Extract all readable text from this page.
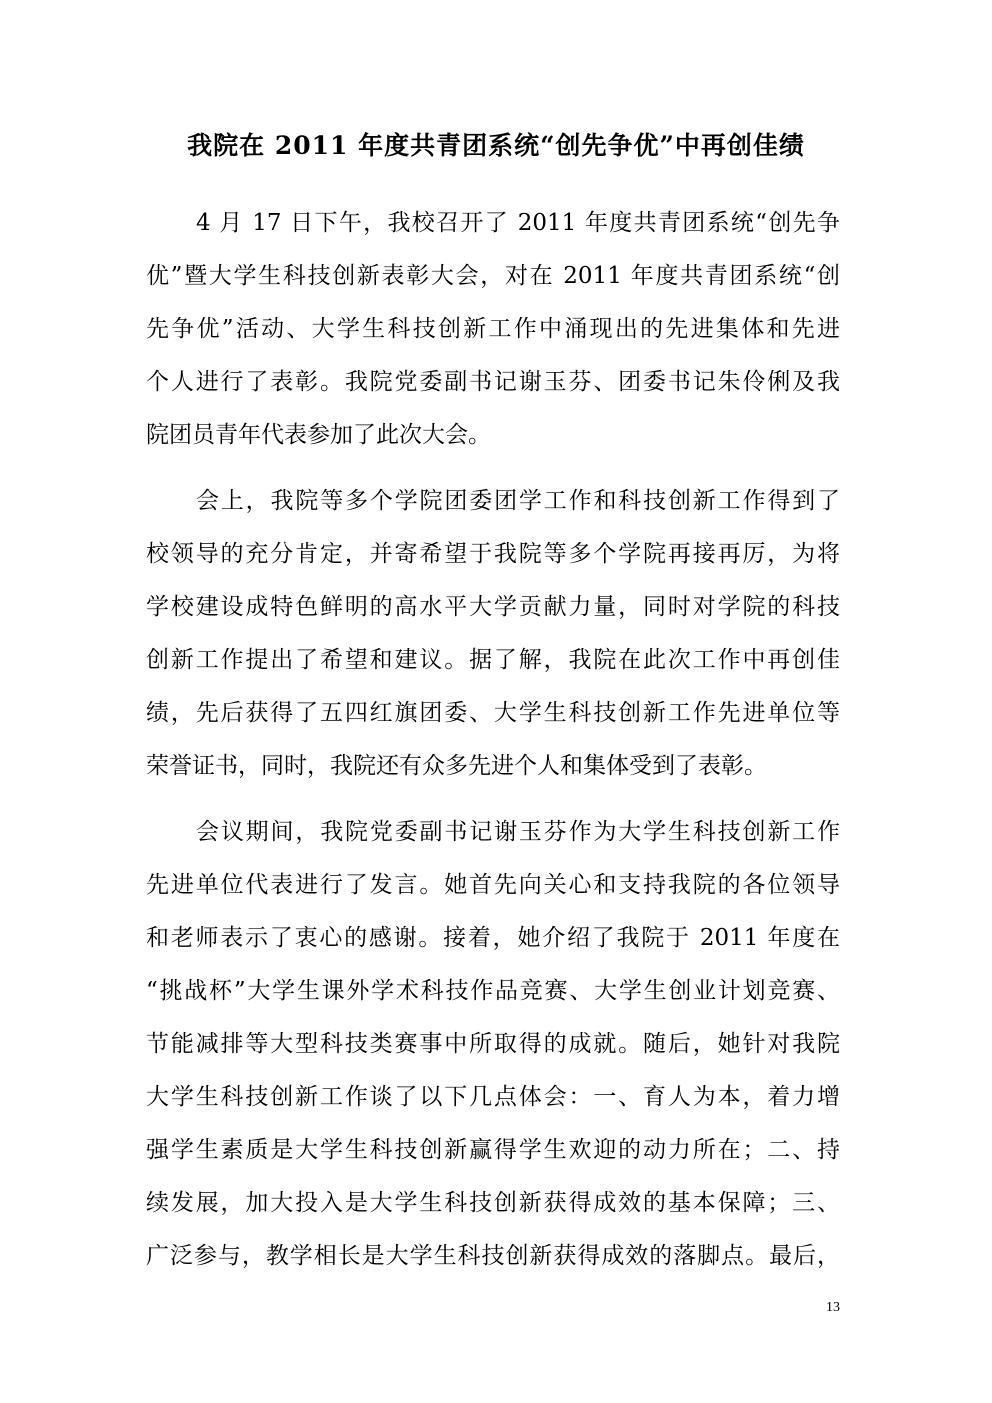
我院在 2011 年度共青团系统“创先争优”中再创佳绩
4 月 17 日下午，我校召开了 2011 年度共青团系统“创先争
优”暨大学生科技创新表彰大会，对在 2011 年度共青团系统“创
先争优”活动、大学生科技创新工作中涌现出的先进集体和先进
个人进行了表彰。我院党委副书记谢玉芬、团委书记朱伶俐及我
院团员青年代表参加了此次大会。
会上，我院等多个学院团委团学工作和科技创新工作得到了
校领导的充分肯定，并寄希望于我院等多个学院再接再厉，为将
学校建设成特色鲜明的高水平大学贡献力量，同时对学院的科技
创新工作提出了希望和建议。据了解，我院在此次工作中再创佳
绩，先后获得了五四红旗团委、大学生科技创新工作先进单位等
荣誉证书，同时，我院还有众多先进个人和集体受到了表彰。
会议期间，我院党委副书记谢玉芬作为大学生科技创新工作
先进单位代表进行了发言。她首先向关心和支持我院的各位领导
和老师表示了衷心的感谢。接着，她介绍了我院于 2011 年度在
“挑战杯”大学生课外学术科技作品竞赛、大学生创业计划竞赛、
节能减排等大型科技类赛事中所取得的成就。随后，她针对我院
大学生科技创新工作谈了以下几点体会：一、育人为本，着力增
强学生素质是大学生科技创新赢得学生欢迎的动力所在；二、持
续发展，加大投入是大学生科技创新获得成效的基本保障；三、
广泛参与，教学相长是大学生科技创新获得成效的落脚点。最后，
13
